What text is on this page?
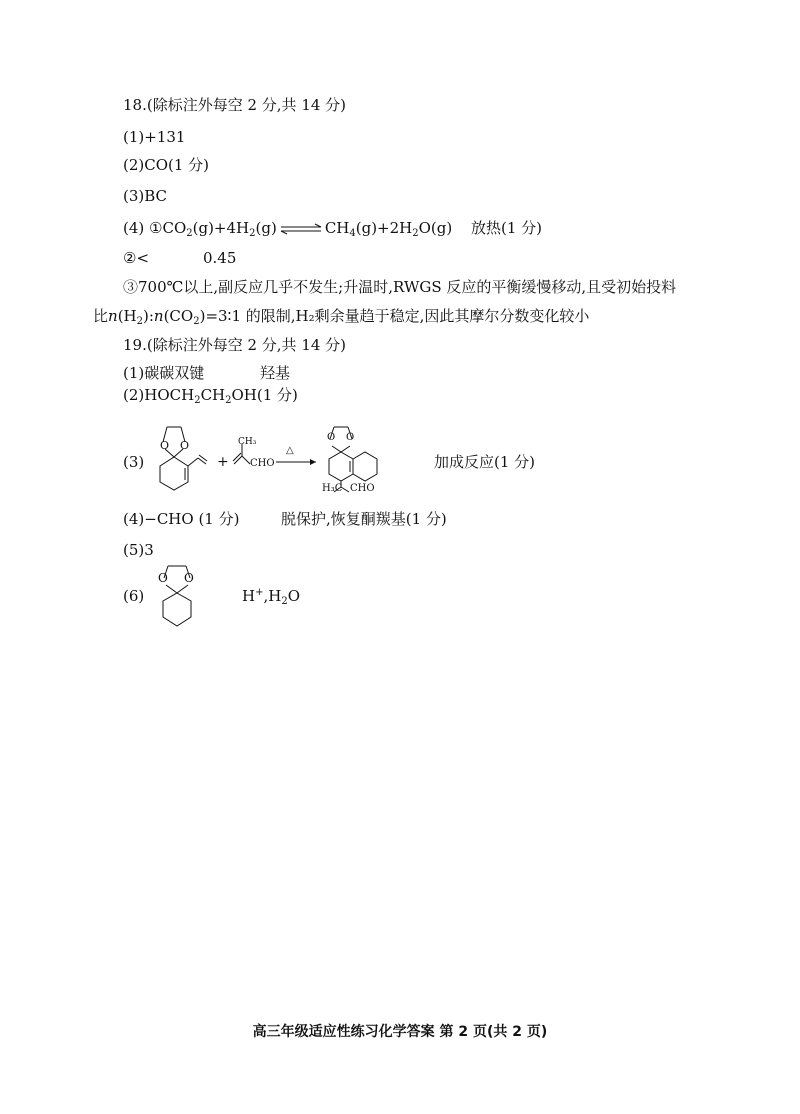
18.(除标注外每空 2 分,共 14 分)
(1)+131
(2)CO(1 分)
(3)BC
(4) $①CO_2(g)+4H_2(g)$ ⇌ $CH_4(g)+2H_2O(g)$ 放热(1 分)
②<	0.45
③700℃以上,副反应几乎不发生;升温时,RWGS 反应的平衡缓慢移动,且受初始投料
比$n(H_2):n(CO_2)=3∶1$ 的限制,H₂剩余量趋于稳定,因此其摩尔分数变化较小
19.(除标注外每空 2 分,共 14 分)
(1)碳碳双键	羟基
$(2)HOCH_2CH_2OH(1$ 分)
(3)
O O
+
CH₃
CHO →
△
O O
H₃C CHO
加成反应(1 分)
(4)−CHO (1 分)	脱保护,恢复酮羰基(1 分)
(5)3
(6)
O O
$H^+,H_2O$
高三年级适应性练习化学答案 第 2 页(共 2 页)
